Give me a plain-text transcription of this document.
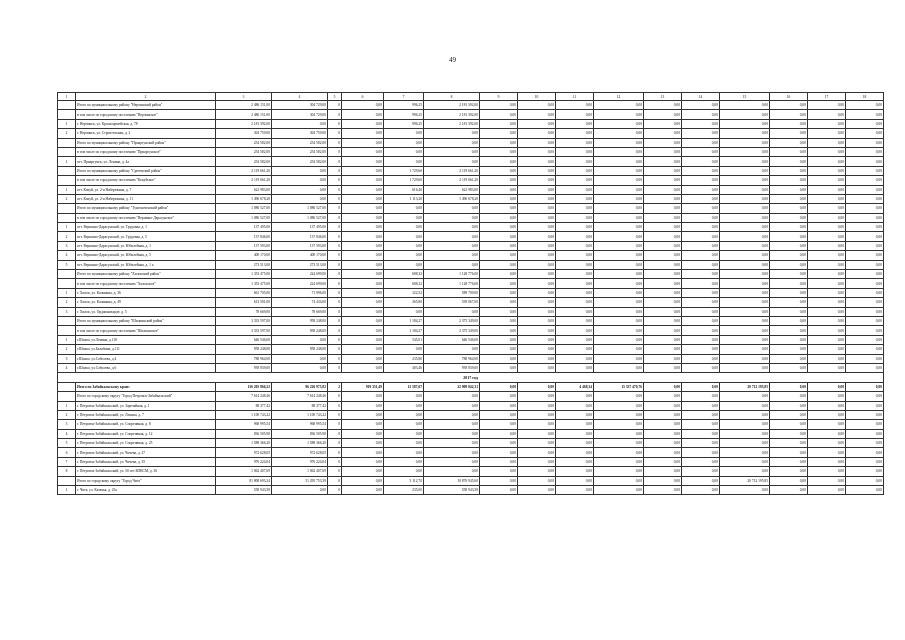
49
1	2	3	4	5	6	7	8	9	10	11	12	13	14	15	16	17	18
	Итого по муниципальному району "Нерчинский район"	2 486 151,00	304 729,00	0	0,00	996,25	2 181 392,00	0,00	0,00	0,00	0,00	0,00	0,00	0,00	0,00	0,00	0,00
	в том числе по городскому поселению "Нерчинское"	2 486 151,00	304 729,00	0	0,00	996,25	2 181 392,00	0,00	0,00	0,00	0,00	0,00	0,00	0,00	0,00	0,00	0,00
1	г. Нерчинск, ул. Красноармейская, д. 78	2 181 392,00	0,00	0	0,00	996,25	2 181 392,00	0,00	0,00	0,00	0,00	0,00	0,00	0,00	0,00	0,00	0,00
2	г. Нерчинск, ул. Строительная, д. 2	304 759,00	304 759,00	0	0,00	0,00	0,00	0,00	0,00	0,00	0,00	0,00	0,00	0,00	0,00	0,00	0,00
	Итого по муниципальному району "Приаргунский район"	254 582,00	254 582,00	0	0,00	0,00	0,00	0,00	0,00	0,00	0,00	0,00	0,00	0,00	0,00	0,00	0,00
	в том числе по городскому поселению "Приаргунское"	254 582,00	254 582,00	0	0,00	0,00	0,00	0,00	0,00	0,00	0,00	0,00	0,00	0,00	0,00	0,00	0,00
1	пгт. Приаргунск, ул. Ленина, д. 4а	254 582,00	254 582,00	0	0,00	0,00	0,00	0,00	0,00	0,00	0,00	0,00	0,00	0,00	0,00	0,00	0,00
	Итого по муниципальному району "Сретенский район"	2 119 661,20	0,00	0	0,00	1 729,60	2 119 661,20	0,00	0,00	0,00	0,00	0,00	0,00	0,00	0,00	0,00	0,00
	в том числе по городскому поселению "Кокуйское"	2 119 661,20	0,00	0	0,00	1 729,60	2 119 661,20	0,00	0,00	0,00	0,00	0,00	0,00	0,00	0,00	0,00	0,00
1	пгт. Кокуй, ул. 2-я Набережная, д. 7	622 983,00	0,00	0	0,00	616,40	622 983,00	0,00	0,00	0,00	0,00	0,00	0,00	0,00	0,00	0,00	0,00
2	пгт. Кокуй, ул. 2-я Набережная, д. 11	1 496 678,20	0,00	0	0,00	1 113,20	1 496 678,20	0,00	0,00	0,00	0,00	0,00	0,00	0,00	0,00	0,00	0,00
	Итого по муниципальному району "Тунгокоченский район"	1 086 527,00	1 086 527,00	0	0,00	0,00	0,00	0,00	0,00	0,00	0,00	0,00	0,00	0,00	0,00	0,00	0,00
	в том числе по городскому поселению "Вершино-Дарасунское"	1 086 527,00	1 086 527,00	0	0,00	0,00	0,00	0,00	0,00	0,00	0,00	0,00	0,00	0,00	0,00	0,00	0,00
1	пгт. Вершино-Дарасунский, ул. Трудовая, д. 1	137 495,00	137 495,00	0	0,00	0,00	0,00	0,00	0,00	0,00	0,00	0,00	0,00	0,00	0,00	0,00	0,00
2	пгт. Вершино-Дарасунский, ул. Трудовая, д. 5	137 846,00	137 846,00	0	0,00	0,00	0,00	0,00	0,00	0,00	0,00	0,00	0,00	0,00	0,00	0,00	0,00
3	пгт. Вершино-Дарасунский, ул. Юбилейная, д. 1	137 593,00	137 593,00	0	0,00	0,00	0,00	0,00	0,00	0,00	0,00	0,00	0,00	0,00	0,00	0,00	0,00
4	пгт. Вершино-Дарасунский, ул. Юбилейная, д. 5	400 170,00	400 170,00	0	0,00	0,00	0,00	0,00	0,00	0,00	0,00	0,00	0,00	0,00	0,00	0,00	0,00
5	пгт. Вершино-Дарасунский, ул. Юбилейная, д. 1 а	273 513,00	273 513,00	0	0,00	0,00	0,00	0,00	0,00	0,00	0,00	0,00	0,00	0,00	0,00	0,00	0,00
	Итого по муниципальному району "Хилокский район"	1 353 475,00	224 699,00	0	0,00	688,32	1 128 776,00	0,00	0,00	0,00	0,00	0,00	0,00	0,00	0,00	0,00	0,00
	в том числе по городскому поселению "Хилокское"	1 353 475,00	224 699,00	0	0,00	688,32	1 128 776,00	0,00	0,00	0,00	0,00	0,00	0,00	0,00	0,00	0,00	0,00
1	г. Хилок, ул. Калинина, д. 36	661 705,00	71 996,00	0	0,00	322,52	589 709,00	0,00	0,00	0,00	0,00	0,00	0,00	0,00	0,00	0,00	0,00
2	г. Хилок, ул. Калинина, д. 49	613 501,00	74 434,00	0	0,00	365,80	539 067,00	0,00	0,00	0,00	0,00	0,00	0,00	0,00	0,00	0,00	0,00
3	г. Хилок, ул. Орджоникидзе, д. 5	78 669,00	78 669,00	0	0,00	0,00	0,00	0,00	0,00	0,00	0,00	0,00	0,00	0,00	0,00	0,00	0,00
	Итого по муниципальному району "Шилкинский район"	3 333 597,00	958 248,00	0	0,00	1 184,27	2 375 349,00	0,00	0,00	0,00	0,00	0,00	0,00	0,00	0,00	0,00	0,00
	в том числе по городскому поселению "Шилкинское"	3 333 597,00	958 248,00	0	0,00	1 184,27	2 375 349,00	0,00	0,00	0,00	0,00	0,00	0,00	0,00	0,00	0,00	0,00
1	г.Шилка, ул.Ленина, д.118	646 546,00	0,00	0	0,00	545,01	646 546,00	0,00	0,00	0,00	0,00	0,00	0,00	0,00	0,00	0,00	0,00
2	г.Шилка, ул.Балябина, д.111	958 248,00	958 248,00	0	0,00	0,00	0,00	0,00	0,00	0,00	0,00	0,00	0,00	0,00	0,00	0,00	0,00
3	г.Шилка, ул.Саболева, д.4	788 964,00	0,00	0	0,00	235,80	788 964,00	0,00	0,00	0,00	0,00	0,00	0,00	0,00	0,00	0,00	0,00
4	г.Шилка, ул.Саболева, д.6	939 839,00	0,00	0	0,00	403,46	939 839,00	0,00	0,00	0,00	0,00	0,00	0,00	0,00	0,00	0,00	0,00
2017 год																	
	Итого по Забайкальскому краю:	156 205 866,22	96 226 975,82	2	919 351,49	12 587,67	22 909 842,31	0,00	0,00	4 468,34	15 337 470,76	0,00	0,00	20 712 195,85	0,00	0,00	0,00
	Итого по городскому округу "Город Петровск-Забайкальский"	7 614 248,46	7 614 248,46	0	0,00	0,00	0,00	0,00	0,00	0,00	0,00	0,00	0,00	0,00	0,00	0,00	0,00
1	г. Петровск-Забайкальский, ул. Заречайная, д. 1	88 377,42	88 377,42	0	0,00	0,00	0,00	0,00	0,00	0,00	0,00	0,00	0,00	0,00	0,00	0,00	0,00
2	г. Петровск-Забайкальский, ул. Ленина, д. 7	1 100 743,22	1 100 743,22	0	0,00	0,00	0,00	0,00	0,00	0,00	0,00	0,00	0,00	0,00	0,00	0,00	0,00
3	г. Петровск-Забайкальский, ул. Спортивная, д. 8	968 995,54	968 995,54	0	0,00	0,00	0,00	0,00	0,00	0,00	0,00	0,00	0,00	0,00	0,00	0,00	0,00
4	г. Петровск-Забайкальский, ул. Спортивная, д. 12	836 505,90	836 505,90	0	0,00	0,00	0,00	0,00	0,00	0,00	0,00	0,00	0,00	0,00	0,00	0,00	0,00
5	г. Петровск-Забайкальский, ул. Спортивная, д. 25	1 588 366,20	1 588 366,20	0	0,00	0,00	0,00	0,00	0,00	0,00	0,00	0,00	0,00	0,00	0,00	0,00	0,00
6	г. Петровск-Забайкальский, ул. Чичева, д. 27	972 628,05	972 628,05	0	0,00	0,00	0,00	0,00	0,00	0,00	0,00	0,00	0,00	0,00	0,00	0,00	0,00
7	г. Петровск-Забайкальский, ул. Чичева, д. 35	976 224,04	976 224,04	0	0,00	0,00	0,00	0,00	0,00	0,00	0,00	0,00	0,00	0,00	0,00	0,00	0,00
8	г. Петровск-Забайкальский, ул. 50 лет ВЛКСМ, д. 36	1 062 407,69	1 062 407,69	0	0,00	0,00	0,00	0,00	0,00	0,00	0,00	0,00	0,00	0,00	0,00	0,00	0,00
	Итого по городскому округу "Город Чита"	81 808 693,24	51 295 753,39	0	0,00	3 112,70	10 876 945,60	0,00	0,00	0,00	0,00	0,00	0,00	20 712 195,85	0,00	0,00	0,00
1	г. Чита, ул. Казачья, д. 25а	558 943,58	0,00	0	0,00	235,00	558 943,58	0,00	0,00	0,00	0,00	0,00	0,00	0,00	0,00	0,00	0,00
